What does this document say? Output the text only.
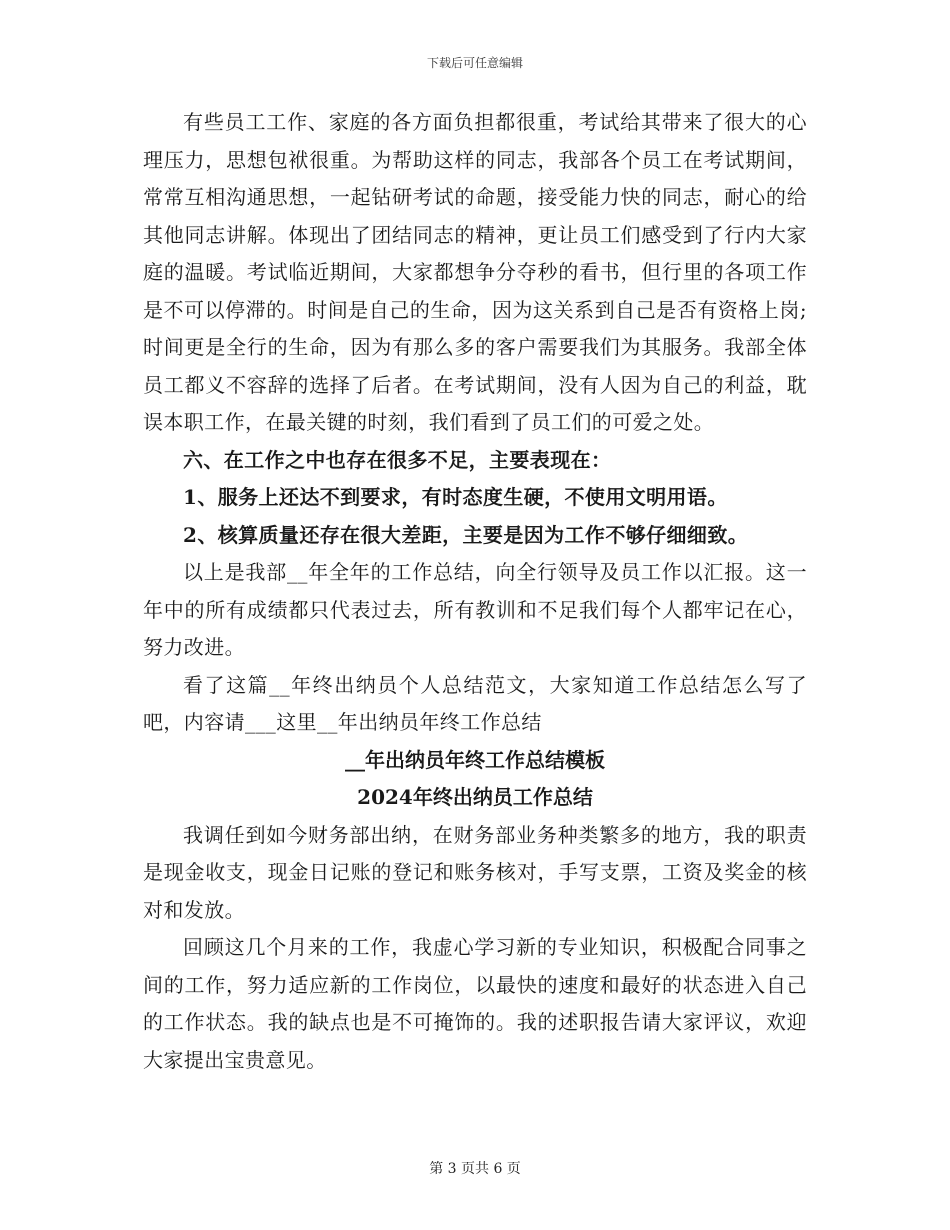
下载后可任意编辑

有些员工工作、家庭的各方面负担都很重，考试给其带来了很大的心理压力，思想包袱很重。为帮助这样的同志，我部各个员工在考试期间，常常互相沟通思想，一起钻研考试的命题，接受能力快的同志，耐心的给其他同志讲解。体现出了团结同志的精神，更让员工们感受到了行内大家庭的温暖。考试临近期间，大家都想争分夺秒的看书，但行里的各项工作是不可以停滞的。时间是自己的生命，因为这关系到自己是否有资格上岗;时间更是全行的生命，因为有那么多的客户需要我们为其服务。我部全体员工都义不容辞的选择了后者。在考试期间，没有人因为自己的利益，耽误本职工作，在最关键的时刻，我们看到了员工们的可爱之处。

六、在工作之中也存在很多不足，主要表现在：

1、服务上还达不到要求，有时态度生硬，不使用文明用语。

2、核算质量还存在很大差距，主要是因为工作不够仔细细致。

以上是我部__年全年的工作总结，向全行领导及员工作以汇报。这一年中的所有成绩都只代表过去，所有教训和不足我们每个人都牢记在心，努力改进。

看了这篇__年终出纳员个人总结范文，大家知道工作总结怎么写了吧，内容请___这里__年出纳员年终工作总结

__年出纳员年终工作总结模板

2024年终出纳员工作总结

我调任到如今财务部出纳，在财务部业务种类繁多的地方，我的职责是现金收支，现金日记账的登记和账务核对，手写支票，工资及奖金的核对和发放。

回顾这几个月来的工作，我虚心学习新的专业知识，积极配合同事之间的工作，努力适应新的工作岗位，以最快的速度和最好的状态进入自己的工作状态。我的缺点也是不可掩饰的。我的述职报告请大家评议，欢迎大家提出宝贵意见。

第 3 页共 6 页
